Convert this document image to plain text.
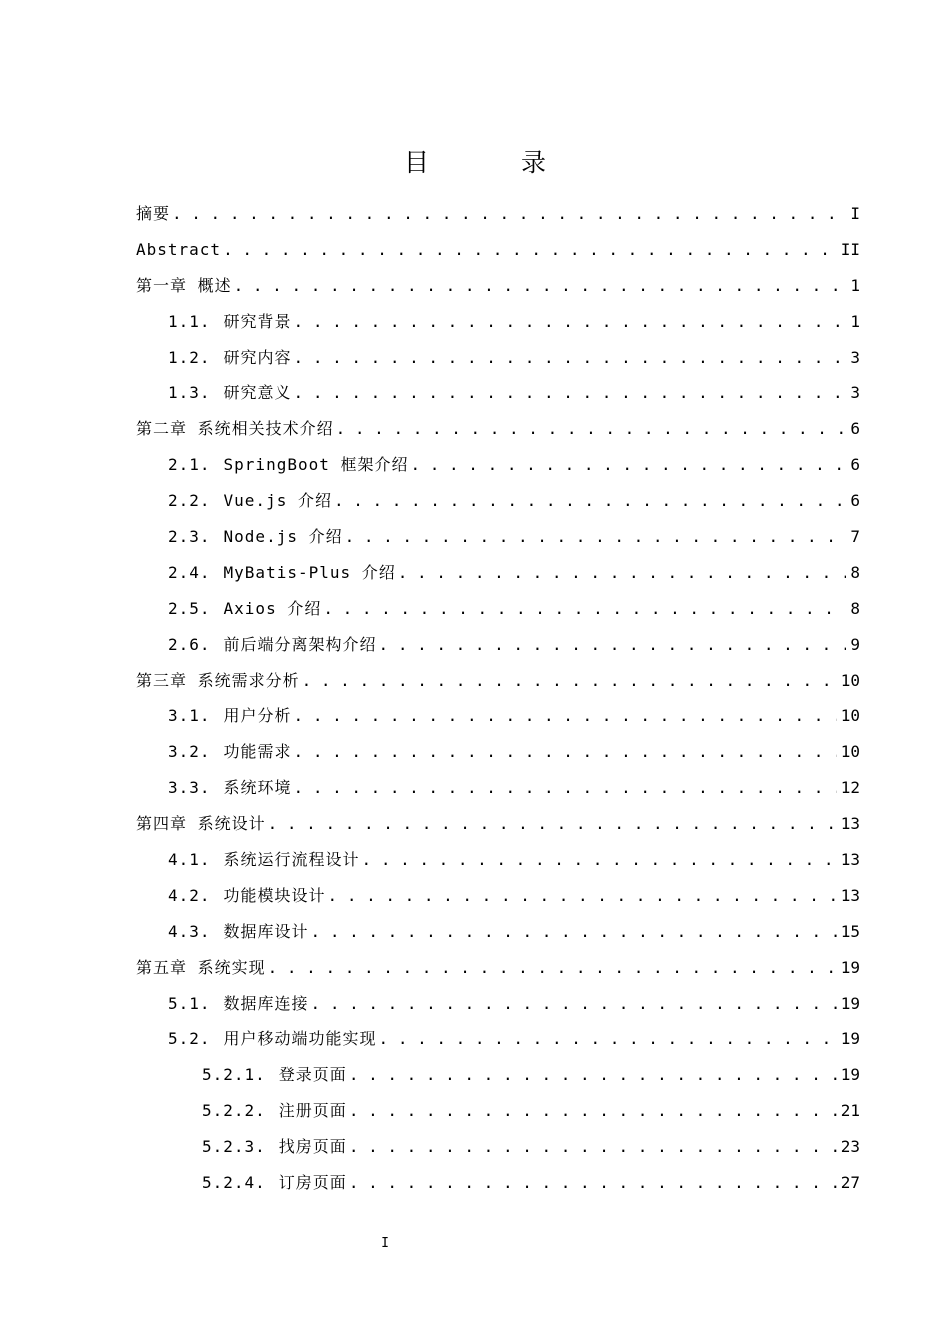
目 录
摘要 . . .	I
Abstract . . .	II
第一章 概述 . . .	1
1.1. 研究背景 . . .	1
1.2. 研究内容 . . .	3
1.3. 研究意义 . . .	3
第二章 系统相关技术介绍 . . .	6
2.1. SpringBoot 框架介绍 . . .	6
2.2. Vue.js 介绍 . . .	6
2.3. Node.js 介绍 . . .	7
2.4. MyBatis-Plus 介绍 . . .	8
2.5. Axios 介绍 . . .	8
2.6. 前后端分离架构介绍 . . .	9
第三章 系统需求分析 . . .	10
3.1. 用户分析 . . .	10
3.2. 功能需求 . . .	10
3.3. 系统环境 . . .	12
第四章 系统设计 . . .	13
4.1. 系统运行流程设计 . . .	13
4.2. 功能模块设计 . . .	13
4.3. 数据库设计 . . .	15
第五章 系统实现 . . .	19
5.1. 数据库连接 . . .	19
5.2. 用户移动端功能实现 . . .	19
5.2.1. 登录页面 . . .	19
5.2.2. 注册页面 . . .	21
5.2.3. 找房页面 . . .	23
5.2.4. 订房页面 . . .	27
I
